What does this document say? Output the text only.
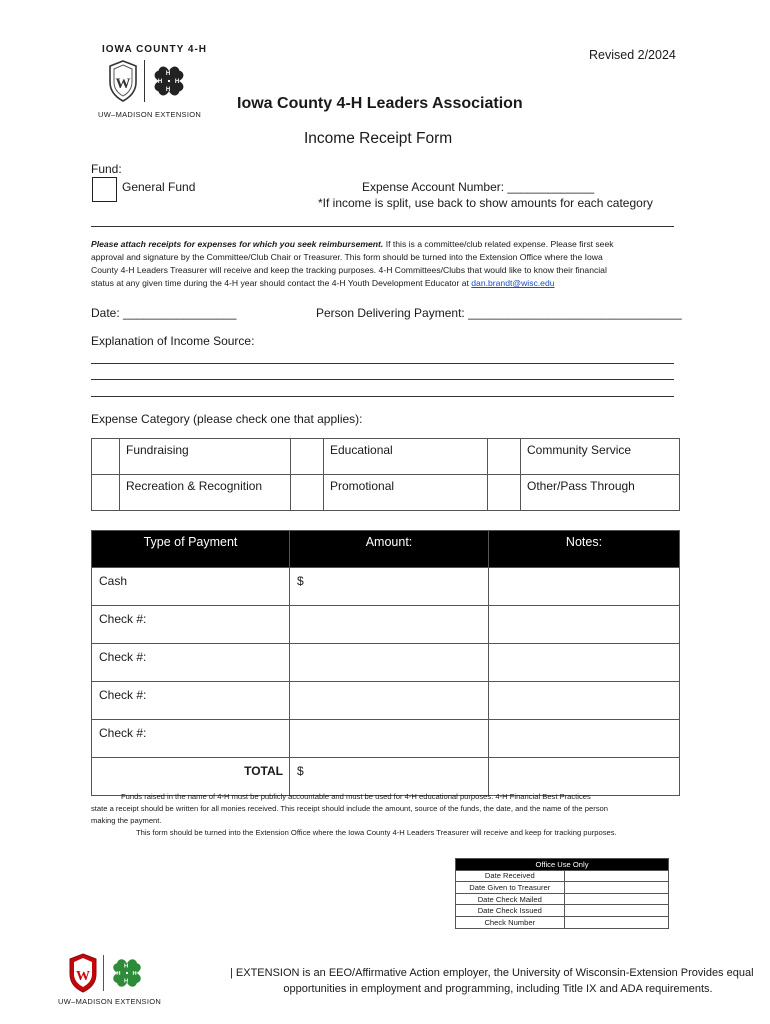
IOWA COUNTY 4-H
W
H
H
H H
UW–MADISON EXTENSION
Revised 2/2024
Iowa County 4-H Leaders Association
Income Receipt Form
Fund:
General Fund	Expense Account Number: _____________
*If income is split, use back to show amounts for each category
Please attach receipts for expenses for which you seek reimbursement. If this is a committee/club related expense. Please first seek
approval and signature by the Committee/Club Chair or Treasurer. This form should be turned into the Extension Office where the Iowa
County 4-H Leaders Treasurer will receive and keep the tracking purposes. 4-H Committees/Clubs that would like to know their financial
status at any given time during the 4-H year should contact the 4-H Youth Development Educator at dan.brandt@wisc.edu
Date: _________________	Person Delivering Payment: ________________________________
Explanation of Income Source:
Expense Category (please check one that applies):
	Fundraising		Educational		Community Service
	Recreation & Recognition		Promotional		Other/Pass Through
Type of Payment	Amount:	Notes:
Cash	$	
Check #:		
Check #:		
Check #:		
Check #:		
TOTAL	$	
Funds raised in the name of 4-H must be publicly accountable and must be used for 4-H educational purposes. 4-H Financial Best Practices
state a receipt should be written for all monies received. This receipt should include the amount, source of the funds, the date, and the name of the person
making the payment.
This form should be turned into the Extension Office where the Iowa County 4-H Leaders Treasurer will receive and keep for tracking purposes.
Office Use Only	
Date Received	
Date Given to Treasurer	
Date Check Mailed	
Date Check Issued	
Check Number	
W
H
H
H H
UW–MADISON EXTENSION
| EXTENSION is an EEO/Affirmative Action employer, the University of Wisconsin-Extension Provides equal
opportunities in employment and programming, including Title IX and ADA requirements.
